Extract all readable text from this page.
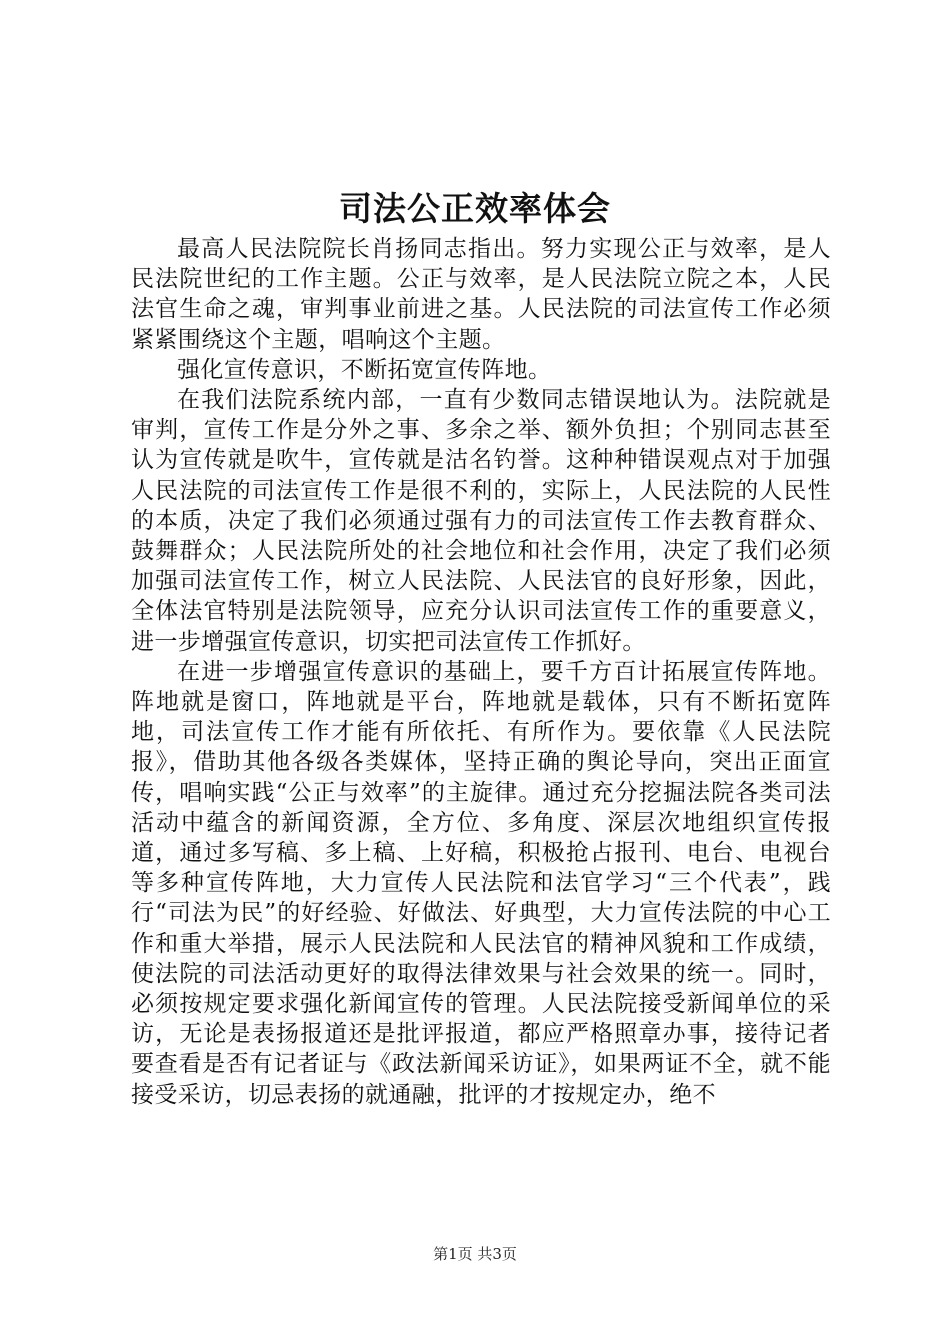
司法公正效率体会

最高人民法院院长肖扬同志指出。努力实现公正与效率，是人民法院世纪的工作主题。公正与效率，是人民法院立院之本，人民法官生命之魂，审判事业前进之基。人民法院的司法宣传工作必须紧紧围绕这个主题，唱响这个主题。

强化宣传意识，不断拓宽宣传阵地。

在我们法院系统内部，一直有少数同志错误地认为。法院就是审判，宣传工作是分外之事、多余之举、额外负担；个别同志甚至认为宣传就是吹牛，宣传就是沽名钓誉。这种种错误观点对于加强人民法院的司法宣传工作是很不利的，实际上，人民法院的人民性的本质，决定了我们必须通过强有力的司法宣传工作去教育群众、鼓舞群众；人民法院所处的社会地位和社会作用，决定了我们必须加强司法宣传工作，树立人民法院、人民法官的良好形象，因此，全体法官特别是法院领导，应充分认识司法宣传工作的重要意义，进一步增强宣传意识，切实把司法宣传工作抓好。

在进一步增强宣传意识的基础上，要千方百计拓展宣传阵地。阵地就是窗口，阵地就是平台，阵地就是载体，只有不断拓宽阵地，司法宣传工作才能有所依托、有所作为。要依靠《人民法院报》，借助其他各级各类媒体，坚持正确的舆论导向，突出正面宣传，唱响实践“公正与效率”的主旋律。通过充分挖掘法院各类司法活动中蕴含的新闻资源，全方位、多角度、深层次地组织宣传报道，通过多写稿、多上稿、上好稿，积极抢占报刊、电台、电视台等多种宣传阵地，大力宣传人民法院和法官学习“三个代表”，践行“司法为民”的好经验、好做法、好典型，大力宣传法院的中心工作和重大举措，展示人民法院和人民法官的精神风貌和工作成绩，使法院的司法活动更好的取得法律效果与社会效果的统一。同时，必须按规定要求强化新闻宣传的管理。人民法院接受新闻单位的采访，无论是表扬报道还是批评报道，都应严格照章办事，接待记者要查看是否有记者证与《政法新闻采访证》，如果两证不全，就不能接受采访，切忌表扬的就通融，批评的才按规定办，绝不

第1页 共3页
